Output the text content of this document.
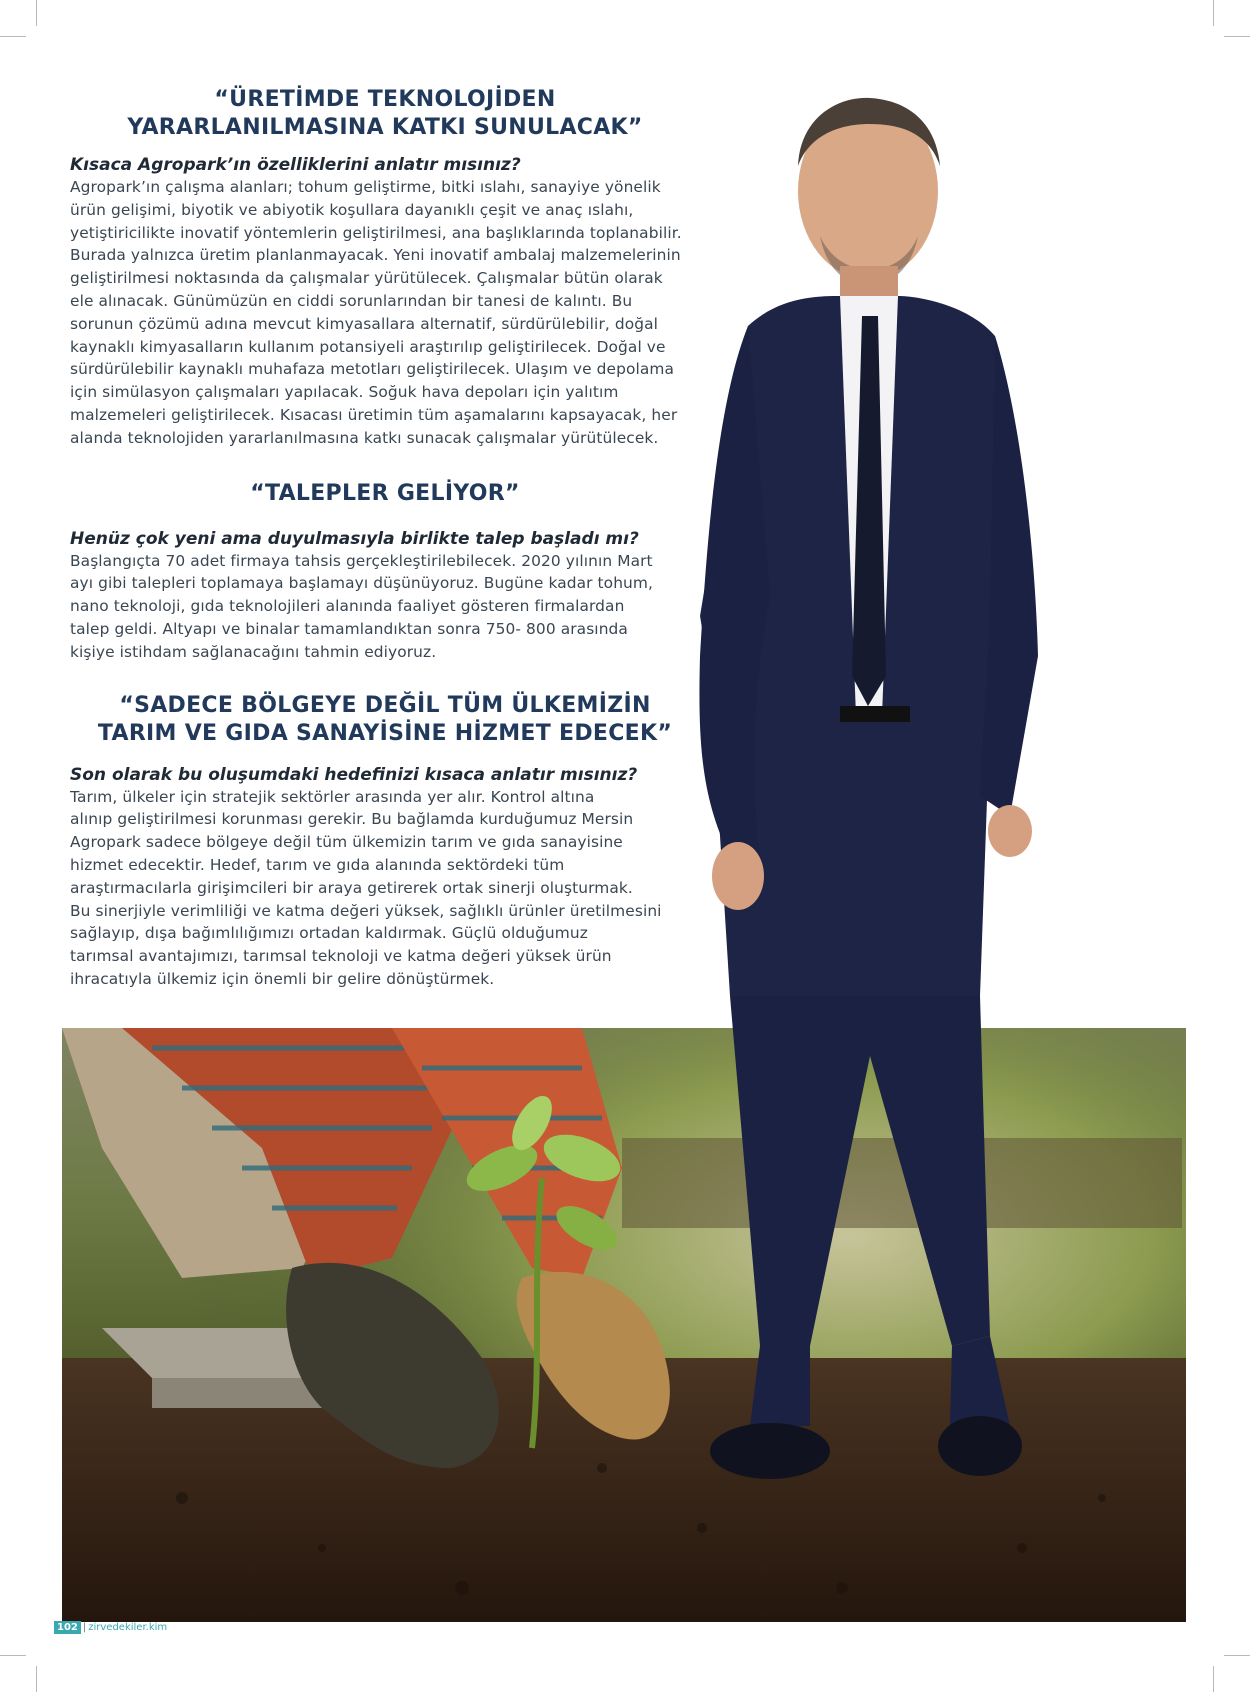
“ÜRETİMDE TEKNOLOJİDEN
YARARLANILMASINA KATKI SUNULACAK”

Kısaca Agropark’ın özelliklerini anlatır mısınız?

Agropark’ın çalışma alanları; tohum geliştirme, bitki ıslahı, sanayiye yönelik
ürün gelişimi, biyotik ve abiyotik koşullara dayanıklı çeşit ve anaç ıslahı,
yetiştiricilikte inovatif yöntemlerin geliştirilmesi, ana başlıklarında toplanabilir.
Burada yalnızca üretim planlanmayacak. Yeni inovatif ambalaj malzemelerinin
geliştirilmesi noktasında da çalışmalar yürütülecek. Çalışmalar bütün olarak
ele alınacak. Günümüzün en ciddi sorunlarından bir tanesi de kalıntı. Bu
sorunun çözümü adına mevcut kimyasallara alternatif, sürdürülebilir, doğal
kaynaklı kimyasalların kullanım potansiyeli araştırılıp geliştirilecek. Doğal ve
sürdürülebilir kaynaklı muhafaza metotları geliştirilecek. Ulaşım ve depolama
için simülasyon çalışmaları yapılacak. Soğuk hava depoları için yalıtım
malzemeleri geliştirilecek. Kısacası üretimin tüm aşamalarını kapsayacak, her
alanda teknolojiden yararlanılmasına katkı sunacak çalışmalar yürütülecek.
“TALEPLER GELİYOR”

Henüz çok yeni ama duyulmasıyla birlikte talep başladı mı?

Başlangıçta 70 adet firmaya tahsis gerçekleştirilebilecek. 2020 yılının Mart
ayı gibi talepleri toplamaya başlamayı düşünüyoruz. Bugüne kadar tohum,
nano teknoloji, gıda teknolojileri alanında faaliyet gösteren firmalardan
talep geldi. Altyapı ve binalar tamamlandıktan sonra 750- 800 arasında
kişiye istihdam sağlanacağını tahmin ediyoruz.
“SADECE BÖLGEYE DEĞİL TÜM ÜLKEMİZİN
TARIM VE GIDA SANAYİSİNE HİZMET EDECEK”

Son olarak bu oluşumdaki hedefinizi kısaca anlatır mısınız?

Tarım, ülkeler için stratejik sektörler arasında yer alır. Kontrol altına
alınıp geliştirilmesi korunması gerekir. Bu bağlamda kurduğumuz Mersin
Agropark sadece bölgeye değil tüm ülkemizin tarım ve gıda sanayisine
hizmet edecektir. Hedef, tarım ve gıda alanında sektördeki tüm
araştırmacılarla girişimcileri bir araya getirerek ortak sinerji oluşturmak.
Bu sinerjiyle verimliliği ve katma değeri yüksek, sağlıklı ürünler üretilmesini
sağlayıp, dışa bağımlılığımızı ortadan kaldırmak. Güçlü olduğumuz
tarımsal avantajımızı, tarımsal teknoloji ve katma değeri yüksek ürün
ihracatıyla ülkemiz için önemli bir gelire dönüştürmek.
102 | zirvedekiler.kim
